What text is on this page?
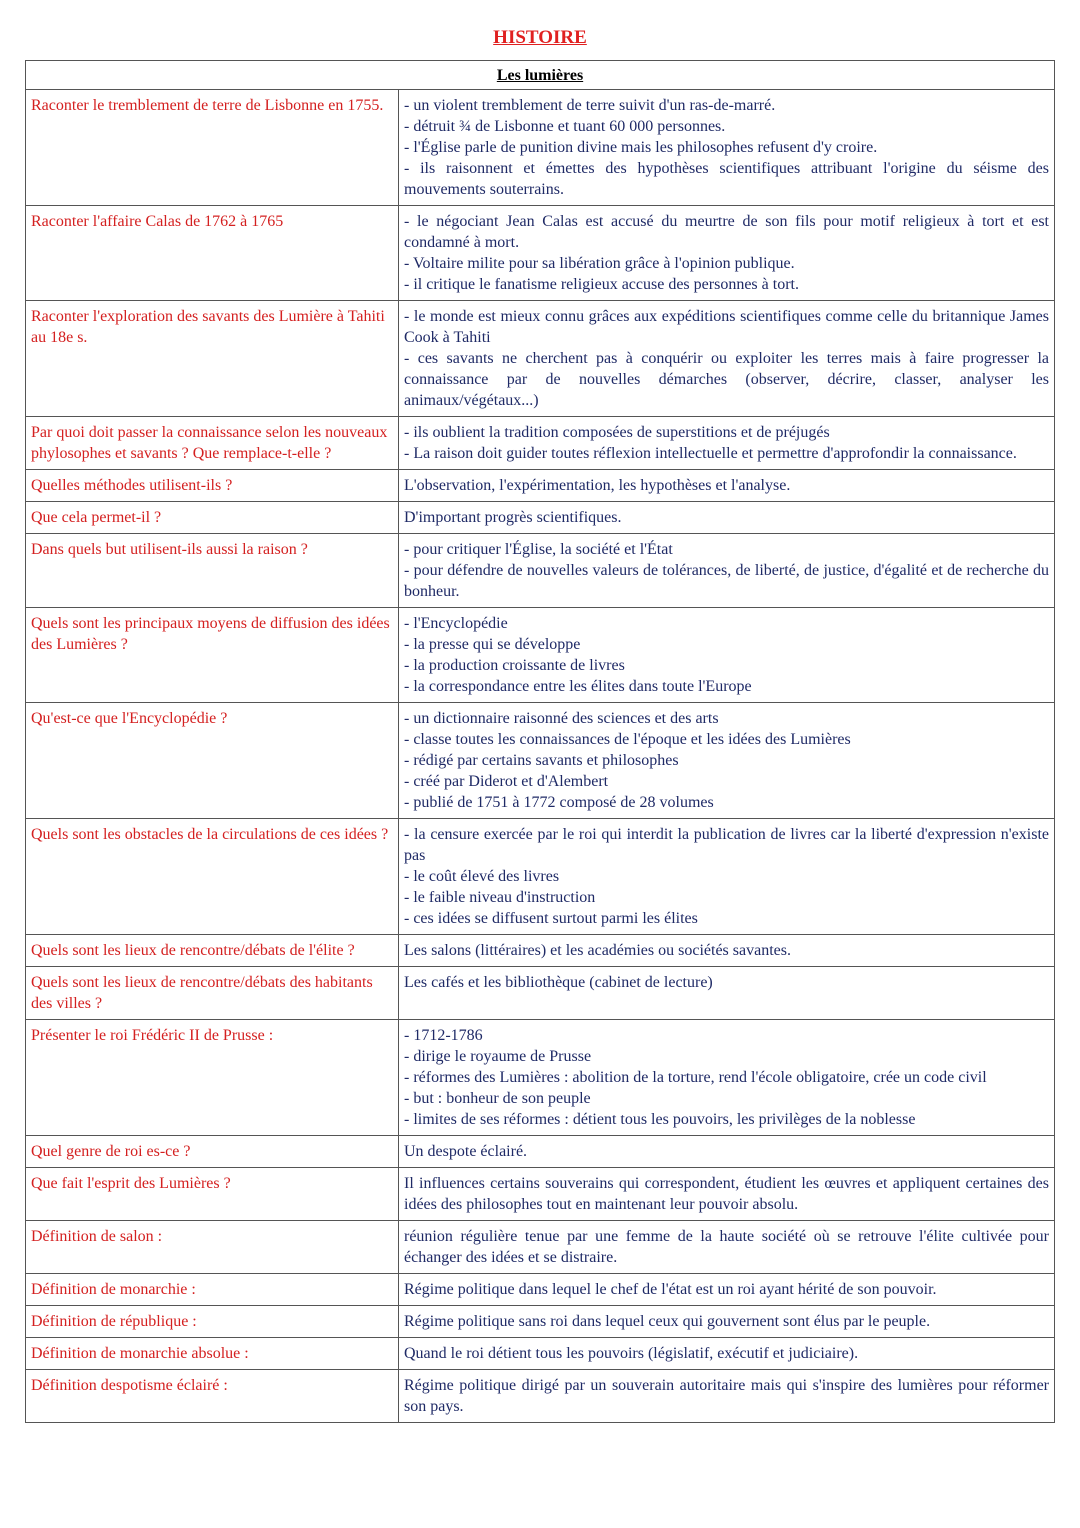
HISTOIRE
Les lumières	
Raconter le tremblement de terre de Lisbonne en 1755.	- un violent tremblement de terre suivit d'un ras-de-marré.
- détruit ¾ de Lisbonne et tuant 60 000 personnes.
- l'Église parle de punition divine mais les philosophes refusent d'y croire.
- ils raisonnent et émettes des hypothèses scientifiques attribuant l'origine du séisme des mouvements souterrains.

Raconter l'affaire Calas de 1762 à 1765	- le négociant Jean Calas est accusé du meurtre de son fils pour motif religieux à tort et est condamné à mort.
- Voltaire milite pour sa libération grâce à l'opinion publique.
- il critique le fanatisme religieux accuse des personnes à tort.

Raconter l'exploration des savants des Lumière à Tahiti au 18e s.	- le monde est mieux connu grâces aux expéditions scientifiques comme celle du britannique James Cook à Tahiti
- ces savants ne cherchent pas à conquérir ou exploiter les terres mais à faire progresser la connaissance par de nouvelles démarches (observer, décrire, classer, analyser les animaux/végétaux...)

Par quoi doit passer la connaissance selon les nouveaux phylosophes et savants ? Que remplace-t-elle ?	- ils oublient la tradition composées de superstitions et de préjugés
- La raison doit guider toutes réflexion intellectuelle et permettre d'approfondir la connaissance.

Quelles méthodes utilisent-ils ?	L'observation, l'expérimentation, les hypothèses et l'analyse.

Que cela permet-il ?	D'important progrès scientifiques.

Dans quels but utilisent-ils aussi la raison ?	- pour critiquer l'Église, la société et l'État
- pour défendre de nouvelles valeurs de tolérances, de liberté, de justice, d'égalité et de recherche du bonheur.

Quels sont les principaux moyens de diffusion des idées des Lumières ?	- l'Encyclopédie
- la presse qui se développe
- la production croissante de livres
- la correspondance entre les élites dans toute l'Europe

Qu'est-ce que l'Encyclopédie ?	- un dictionnaire raisonné des sciences et des arts
- classe toutes les connaissances de l'époque et les idées des Lumières
- rédigé par certains savants et philosophes
- créé par Diderot et d'Alembert
- publié de 1751 à 1772 composé de 28 volumes

Quels sont les obstacles de la circulations de ces idées ?	- la censure exercée par le roi qui interdit la publication de livres car la liberté d'expression n'existe pas
- le coût élevé des livres
- le faible niveau d'instruction
- ces idées se diffusent surtout parmi les élites

Quels sont les lieux de rencontre/débats de l'élite ?	Les salons (littéraires) et les académies ou sociétés savantes.

Quels sont les lieux de rencontre/débats des habitants des villes ?	Les cafés et les bibliothèque (cabinet de lecture)

Présenter le roi Frédéric II de Prusse :	- 1712-1786
- dirige le royaume de Prusse
- réformes des Lumières : abolition de la torture, rend l'école obligatoire, crée un code civil
- but : bonheur de son peuple
- limites de ses réformes : détient tous les pouvoirs, les privilèges de la noblesse

Quel genre de roi es-ce ?	Un despote éclairé.

Que fait l'esprit des Lumières ?	Il influences certains souverains qui correspondent, étudient les œuvres et appliquent certaines des idées des philosophes tout en maintenant leur pouvoir absolu.

Définition de salon :	réunion régulière tenue par une femme de la haute société où se retrouve l'élite cultivée pour échanger des idées et se distraire.

Définition de monarchie :	Régime politique dans lequel le chef de l'état est un roi ayant hérité de son pouvoir.

Définition de république :	Régime politique sans roi dans lequel ceux qui gouvernent sont élus par le peuple.

Définition de monarchie absolue :	Quand le roi détient tous les pouvoirs (législatif, exécutif et judiciaire).

Définition despotisme éclairé :	Régime politique dirigé par un souverain autoritaire mais qui s'inspire des lumières pour réformer son pays.
